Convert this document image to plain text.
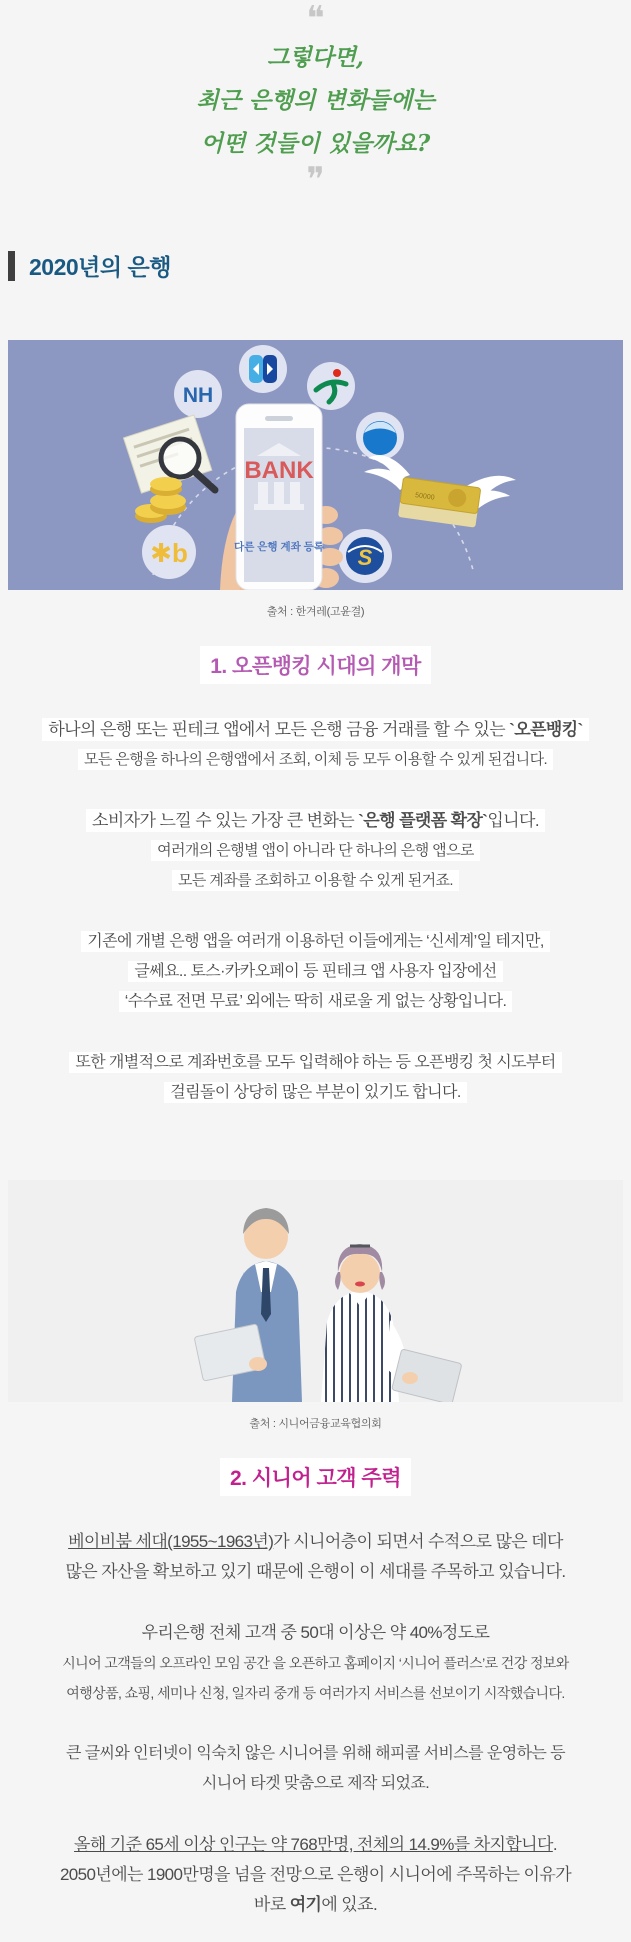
❝
그렇다면,
최근 은행의 변화들에는
어떤 것들이 있을까요?
❞
2020년의 은행
NH
✱b	S
50000
BANK
다른 은행 계좌 등록
출처 : 한겨레(고윤결)
1. 오픈뱅킹 시대의 개막
하나의 은행 또는 핀테크 앱에서 모든 은행 금융 거래를 할 수 있는 `오픈뱅킹`
모든 은행을 하나의 은행앱에서 조회, 이체 등 모두 이용할 수 있게 된겁니다.
소비자가 느낄 수 있는 가장 큰 변화는 `은행 플랫폼 확장`입니다.
여러개의 은행별 앱이 아니라 단 하나의 은행 앱으로
모든 계좌를 조회하고 이용할 수 있게 된거죠.
기존에 개별 은행 앱을 여러개 이용하던 이들에게는 ‘신세계’일 테지만,
글쎄요.. 토스·카카오페이 등 핀테크 앱 사용자 입장에선
‘수수료 전면 무료’ 외에는 딱히 새로울 게 없는 상황입니다.
또한 개별적으로 계좌번호를 모두 입력해야 하는 등 오픈뱅킹 첫 시도부터
걸림돌이 상당히 많은 부분이 있기도 합니다.
출처 : 시니어금융교육협의회
2. 시니어 고객 주력
베이비붐 세대(1955~1963년)가 시니어층이 되면서 수적으로 많은 데다
많은 자산을 확보하고 있기 때문에 은행이 이 세대를 주목하고 있습니다.
우리은행 전체 고객 중 50대 이상은 약 40%정도로
시니어 고객들의 오프라인 모임 공간 을 오픈하고 홈페이지 ‘시니어 플러스’로 건강 정보와
여행상품, 쇼핑, 세미나 신청, 일자리 중개 등 여러가지 서비스를 선보이기 시작했습니다.
큰 글씨와 인터넷이 익숙치 않은 시니어를 위해 해피콜 서비스를 운영하는 등
시니어 타겟 맞춤으로 제작 되었죠.
올해 기준 65세 이상 인구는 약 768만명, 전체의 14.9%를 차지합니다.
2050년에는 1900만명을 넘을 전망으로 은행이 시니어에 주목하는 이유가
바로 여기에 있죠.
